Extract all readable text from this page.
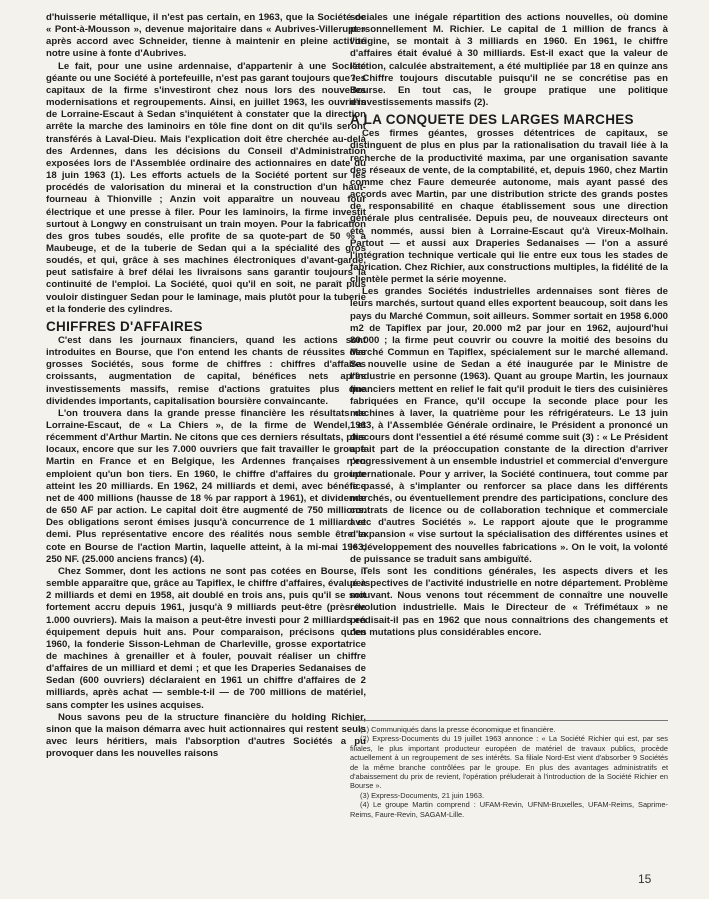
d'huisserie métallique, il n'est pas certain, en 1963, que la Société de « Pont-à-Mousson », devenue majoritaire dans « Aubrives-Villerupt » après accord avec Schneider, tienne à maintenir en pleine activité notre usine à fonte d'Aubrives.

Le fait, pour une usine ardennaise, d'appartenir à une Société géante ou une Société à portefeuille, n'est pas garant toujours que les capitaux de la firme s'investiront chez nous lors des nouvelles modernisations et regroupements. Ainsi, en juillet 1963, les ouvriers de Lorraine-Escaut à Sedan s'inquiétent à constater que la direction arrête la marche des laminoirs en tôle fine dont on dit qu'ils seront transférés à Laval-Dieu. Mais l'explication doit être cherchée au-delà des Ardennes, dans les décisions du Conseil d'Administration exposées lors de l'Assemblée ordinaire des actionnaires en date du 18 juin 1963 (1). Les efforts actuels de la Société portent sur les procédés de valorisation du minerai et la construction d'un haut-fourneau à Thionville ; Anzin voit apparaître un nouveau four électrique et une presse à filer. Pour les laminoirs, la firme investit surtout à Longwy en construisant un train moyen. Pour la fabrication des gros tubes soudés, elle profite de sa quote-part de 50 % à Maubeuge, et de la tuberie de Sedan qui a la spécialité des gros soudés, et qui, grâce à ses machines électroniques d'avant-garde, peut satisfaire à bref délai les livraisons sans garantir toujours la continuité de l'emploi. La Société, quoi qu'il en soit, ne paraît plus vouloir distinguer Sedan pour le laminage, mais plutôt pour la tuberie et la fonderie des cylindres.

CHIFFRES D'AFFAIRES

C'est dans les journaux financiers, quand les actions sont introduites en Bourse, que l'on entend les chants de réussites des grosses Sociétés, sous forme de chiffres : chiffres d'affaires croissants, augmentation de capital, bénéfices nets après investissements massifs, remise d'actions gratuites plus que dividendes importants, capitalisation boursière convaincante.

L'on trouvera dans la grande presse financière les résultats de Lorraine-Escaut, de « La Chiers », de la firme de Wendel, et récemment d'Arthur Martin. Ne citons que ces derniers résultats, plus locaux, encore que sur les 7.000 ouvriers que fait travailler le groupe Martin en France et en Belgique, les Ardennes françaises n'en emploient qu'un bon tiers. En 1960, le chiffre d'affaires du groupe atteint les 20 milliards. En 1962, 24 milliards et demi, avec bénéfice net de 400 millions (hausse de 18 % par rapport à 1961), et dividende de 650 AF par action. Le capital doit être augmenté de 750 millions. Des obligations seront émises jusqu'à concurrence de 1 milliard et demi. Plus représentative encore des réalités nous semble être la cote en Bourse de l'action Martin, laquelle atteint, à la mi-mai 1963, 250 NF. (25.000 anciens francs) (4).

Chez Sommer, dont les actions ne sont pas cotées en Bourse, il semble apparaître que, grâce au Tapiflex, le chiffre d'affaires, évalué à 2 milliards et demi en 1958, ait doublé en trois ans, puis qu'il se soit fortement accru depuis 1961, jusqu'à 9 milliards peut-être (près de 1.000 ouvriers). Mais la maison a peut-être investi pour 2 milliards en équipement depuis huit ans. Pour comparaison, précisons qu'en 1960, la fonderie Sisson-Lehman de Charleville, grosse exportatrice de machines à grenailler et à fouler, pouvait réaliser un chiffre d'affaires de un milliard et demi ; et que les Draperies Sedanaises de Sedan (600 ouvriers) déclaraient en 1961 un chiffre d'affaires de 2 milliards, après achat — semble-t-il — de 700 millions de matériel, sans compter les usines acquises.

Nous savons peu de la structure financière du holding Richier, sinon que la maison démarra avec huit actionnaires qui restent seuls avec leurs héritiers, mais l'absorption d'autres Sociétés a pu provoquer dans les nouvelles raisons

sociales une inégale répartition des actions nouvelles, où domine personnellement M. Richier. Le capital de 1 million de francs à l'origine, se montait à 3 milliards en 1960. En 1961, le chiffre d'affaires était évalué à 30 milliards. Est-il exact que la valeur de l'action, calculée abstraitement, a été multipliée par 18 en quinze ans ? Chiffre toujours discutable puisqu'il ne se concrétise pas en Bourse. En tout cas, le groupe pratique une politique d'investissements massifs (2).

A LA CONQUETE DES LARGES MARCHES

Ces firmes géantes, grosses détentrices de capitaux, se distinguent de plus en plus par la rationalisation du travail liée à la recherche de la productivité maxima, par une organisation savante des réseaux de vente, de la comptabilité, et, depuis 1960, chez Martin comme chez Faure demeurée autonome, mais ayant passé des accords avec Martin, par une distribution stricte des grands postes de responsabilité en chaque établissement sous une direction générale plus centralisée. Depuis peu, de nouveaux directeurs ont été nommés, aussi bien à Lorraine-Escaut qu'à Vireux-Molhain. Partout — et aussi aux Draperies Sedanaises — l'on a assuré l'intégration technique verticale qui lie entre eux tous les stades de fabrication. Chez Richier, aux constructions multiples, la fidélité de la clientèle permet la série moyenne.

Les grandes Sociétés industrielles ardennaises sont fières de leurs marchés, surtout quand elles exportent beaucoup, soit dans les pays du Marché Commun, soit ailleurs. Sommer sortait en 1958 6.000 m2 de Tapiflex par jour, 20.000 m2 par jour en 1962, aujourd'hui 80.000 ; la firme peut couvrir ou couvre la moitié des besoins du Marché Commun en Tapiflex, spécialement sur le marché allemand. Sa nouvelle usine de Sedan a été inaugurée par le Ministre de l'Industrie en personne (1963). Quant au groupe Martin, les journaux financiers mettent en relief le fait qu'il produit le tiers des cuisinières fabriquées en France, qu'il occupe la seconde place pour les machines à laver, la quatrième pour les réfrigérateurs. Le 13 juin 1963, à l'Assemblée Générale ordinaire, le Président a prononcé un discours dont l'essentiel a été résumé comme suit (3) : « Le Président a fait part de la préoccupation constante de la direction d'arriver progressivement à un ensemble industriel et commercial d'envergure internationale. Pour y arriver, la Société continuera, tout comme par le passé, à s'implanter ou renforcer sa place dans les différents marchés, ou éventuellement prendre des participations, conclure des contrats de licence ou de collaboration technique et commerciale avec d'autres Sociétés ». Le rapport ajoute que le programme d'expansion « vise surtout la spécialisation des différentes usines et le développement des nouvelles fabrications ». On le voit, la volonté de puissance se traduit sans ambiguïté.

Tels sont les conditions générales, les aspects divers et les perspectives de l'activité industrielle en notre département. Problème mouvant. Nous venons tout récemment de connaître une nouvelle révolution industrielle. Mais le Directeur de « Tréfimétaux » ne prédisait-il pas en 1962 que nous connaîtrions des changements et des mutations plus considérables encore.

(1) Communiqués dans la presse économique et financière.
(2) Express-Documents du 19 juillet 1963 annonce : « La Société Richier qui est, par ses filiales, le plus important producteur européen de matériel de travaux publics, procède actuellement à un regroupement de ses intérêts. Sa filiale Nord-Est vient d'absorber 9 Sociétés de la même branche contrôlées par le groupe. En plus des avantages administratifs et d'abaissement du prix de revient, l'opération préluderait à l'introduction de la Société Richier en Bourse ».
(3) Express-Documents, 21 juin 1963.
(4) Le groupe Martin comprend : UFAM-Revin, UFNM-Bruxelles, UFAM-Reims, Saprime-Reims, Faure-Revin, SAGAM-Lille.
15
